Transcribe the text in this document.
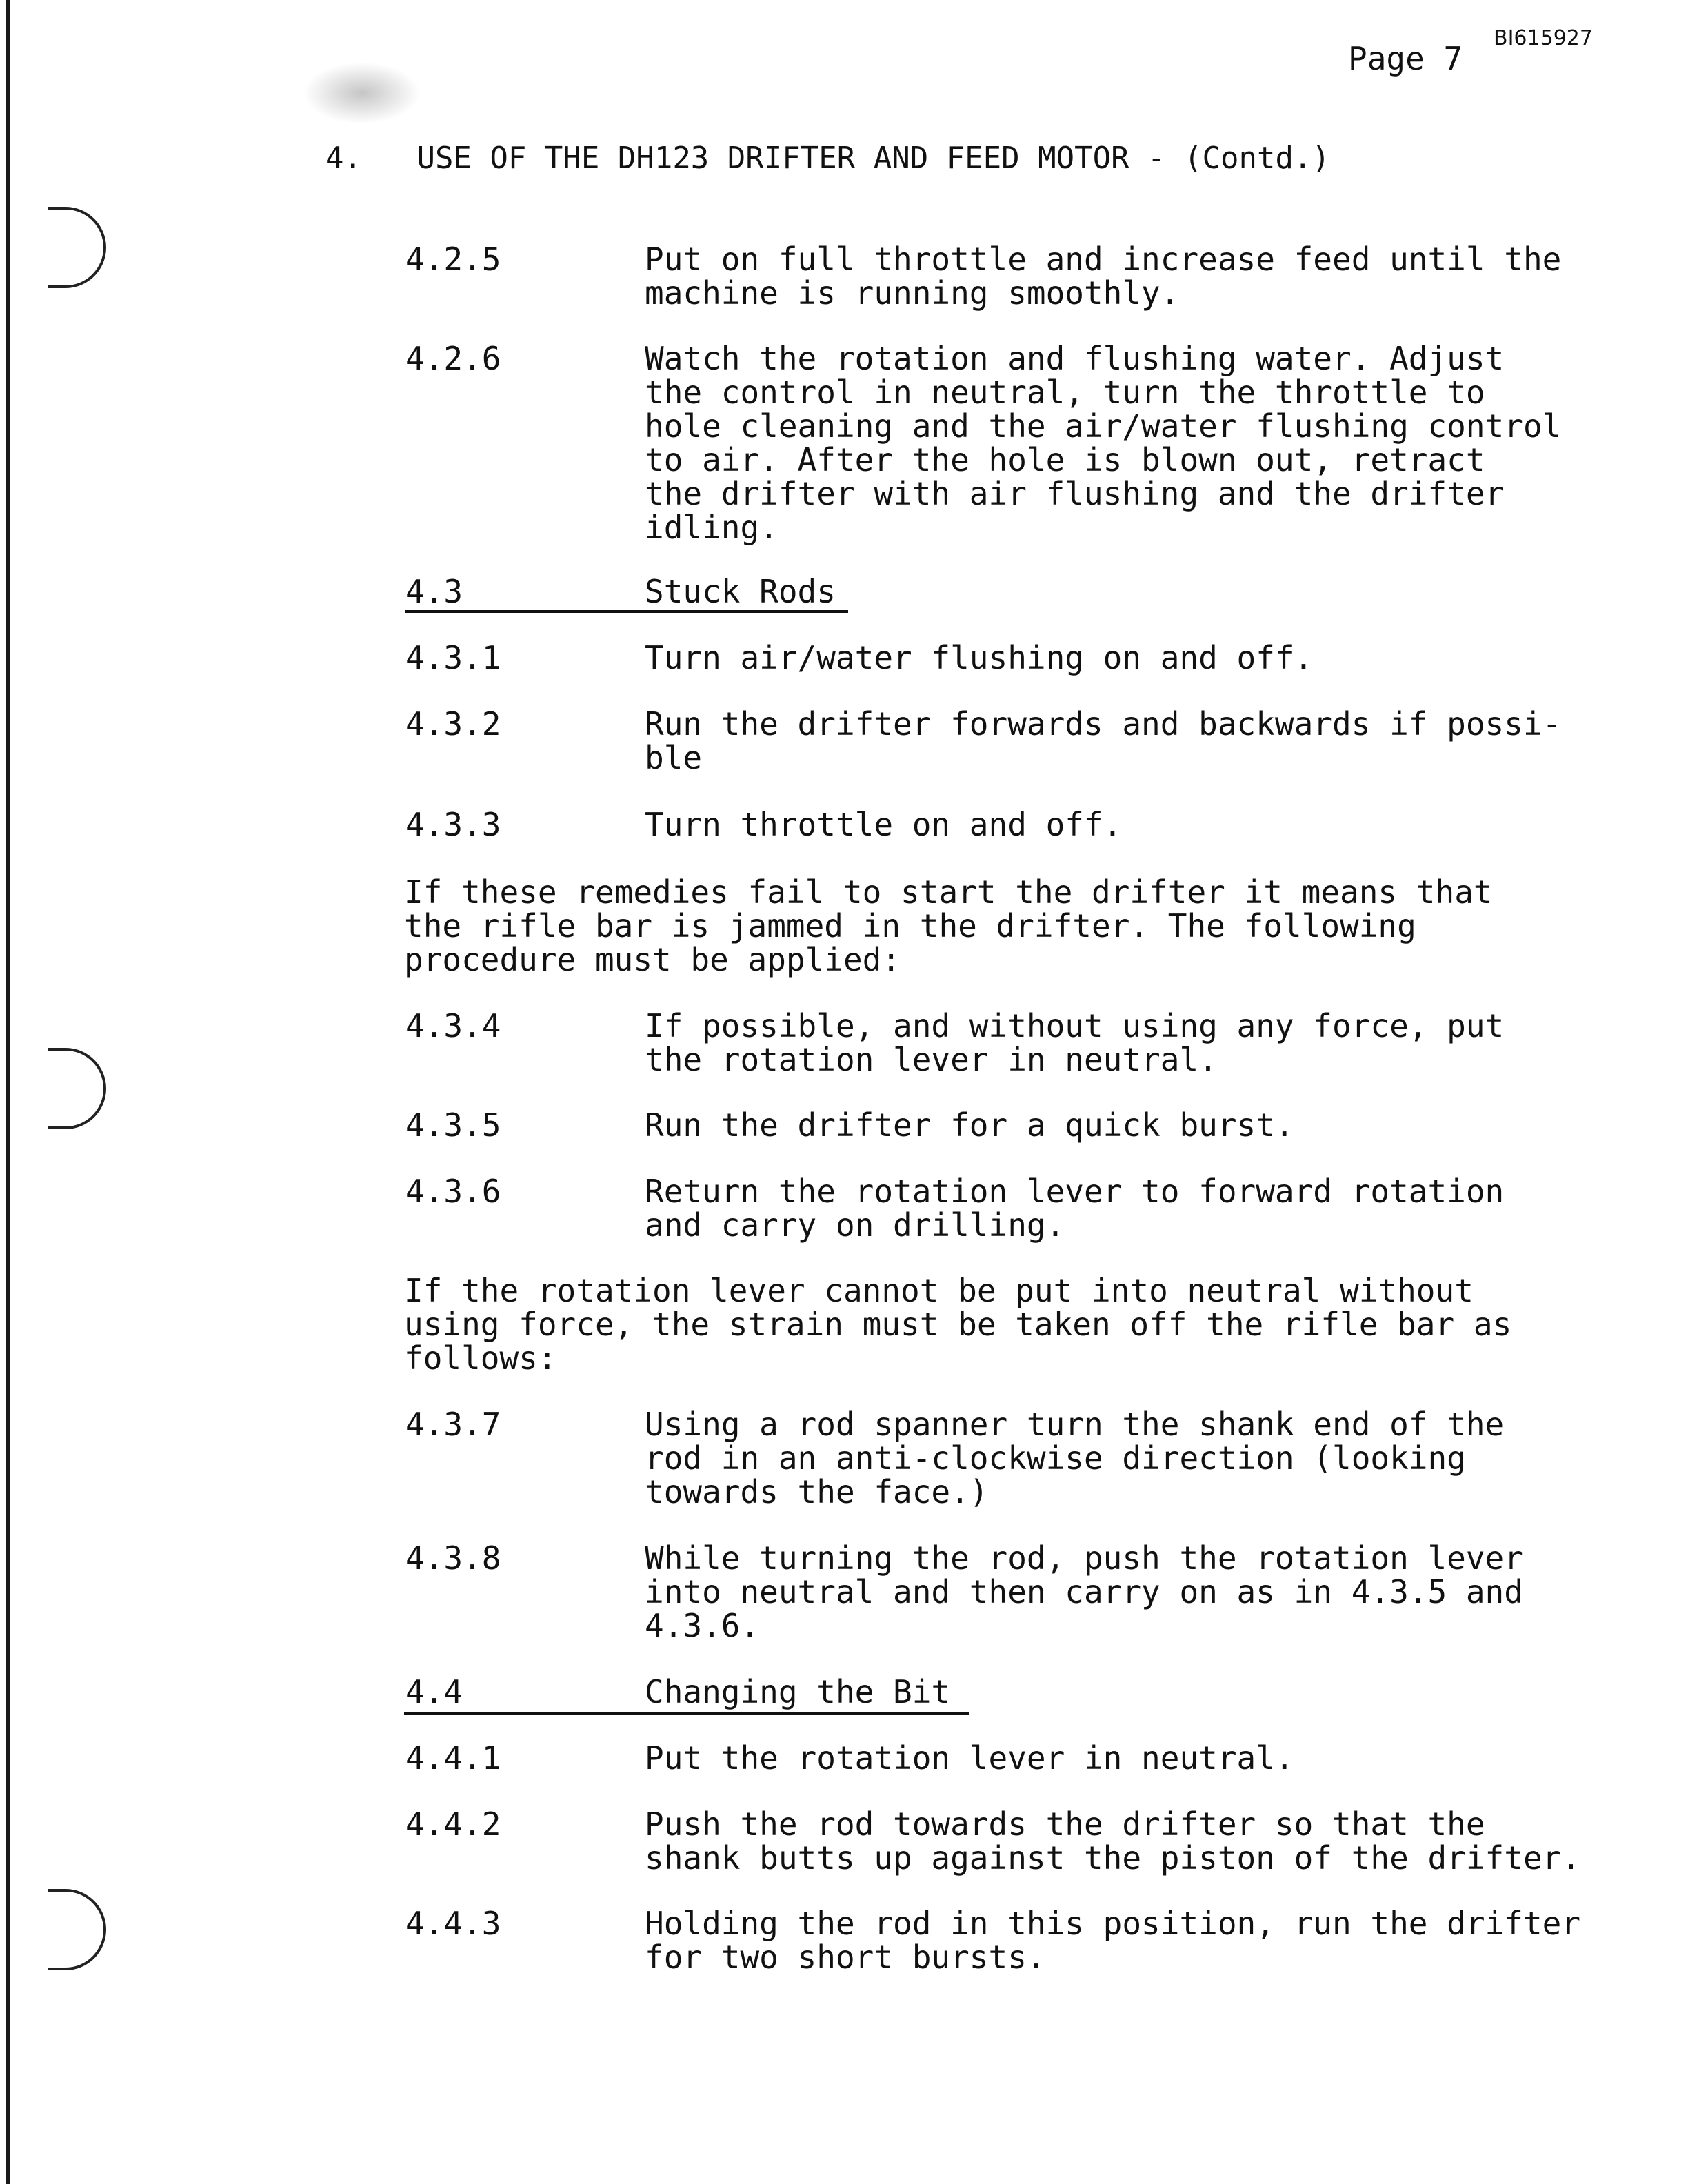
BI615927
Page 7
4.   USE OF THE DH123 DRIFTER AND FEED MOTOR - (Contd.)
4.2.5	Put on full throttle and increase feed until the
machine is running smoothly.
4.2.6	Watch the rotation and flushing water. Adjust
the control in neutral, turn the throttle to
hole cleaning and the air/water flushing control
to air. After the hole is blown out, retract
the drifter with air flushing and the drifter
idling.
4.3	Stuck Rods
4.3.1	Turn air/water flushing on and off.
4.3.2	Run the drifter forwards and backwards if possi-
ble
4.3.3	Turn throttle on and off.
If these remedies fail to start the drifter it means that
the rifle bar is jammed in the drifter. The following
procedure must be applied:
4.3.4	If possible, and without using any force, put
the rotation lever in neutral.
4.3.5	Run the drifter for a quick burst.
4.3.6	Return the rotation lever to forward rotation
and carry on drilling.
If the rotation lever cannot be put into neutral without
using force, the strain must be taken off the rifle bar as
follows:
4.3.7	Using a rod spanner turn the shank end of the
rod in an anti-clockwise direction (looking
towards the face.)
4.3.8	While turning the rod, push the rotation lever
into neutral and then carry on as in 4.3.5 and
4.3.6.
4.4	Changing the Bit
4.4.1	Put the rotation lever in neutral.
4.4.2	Push the rod towards the drifter so that the
shank butts up against the piston of the drifter.
4.4.3	Holding the rod in this position, run the drifter
for two short bursts.
